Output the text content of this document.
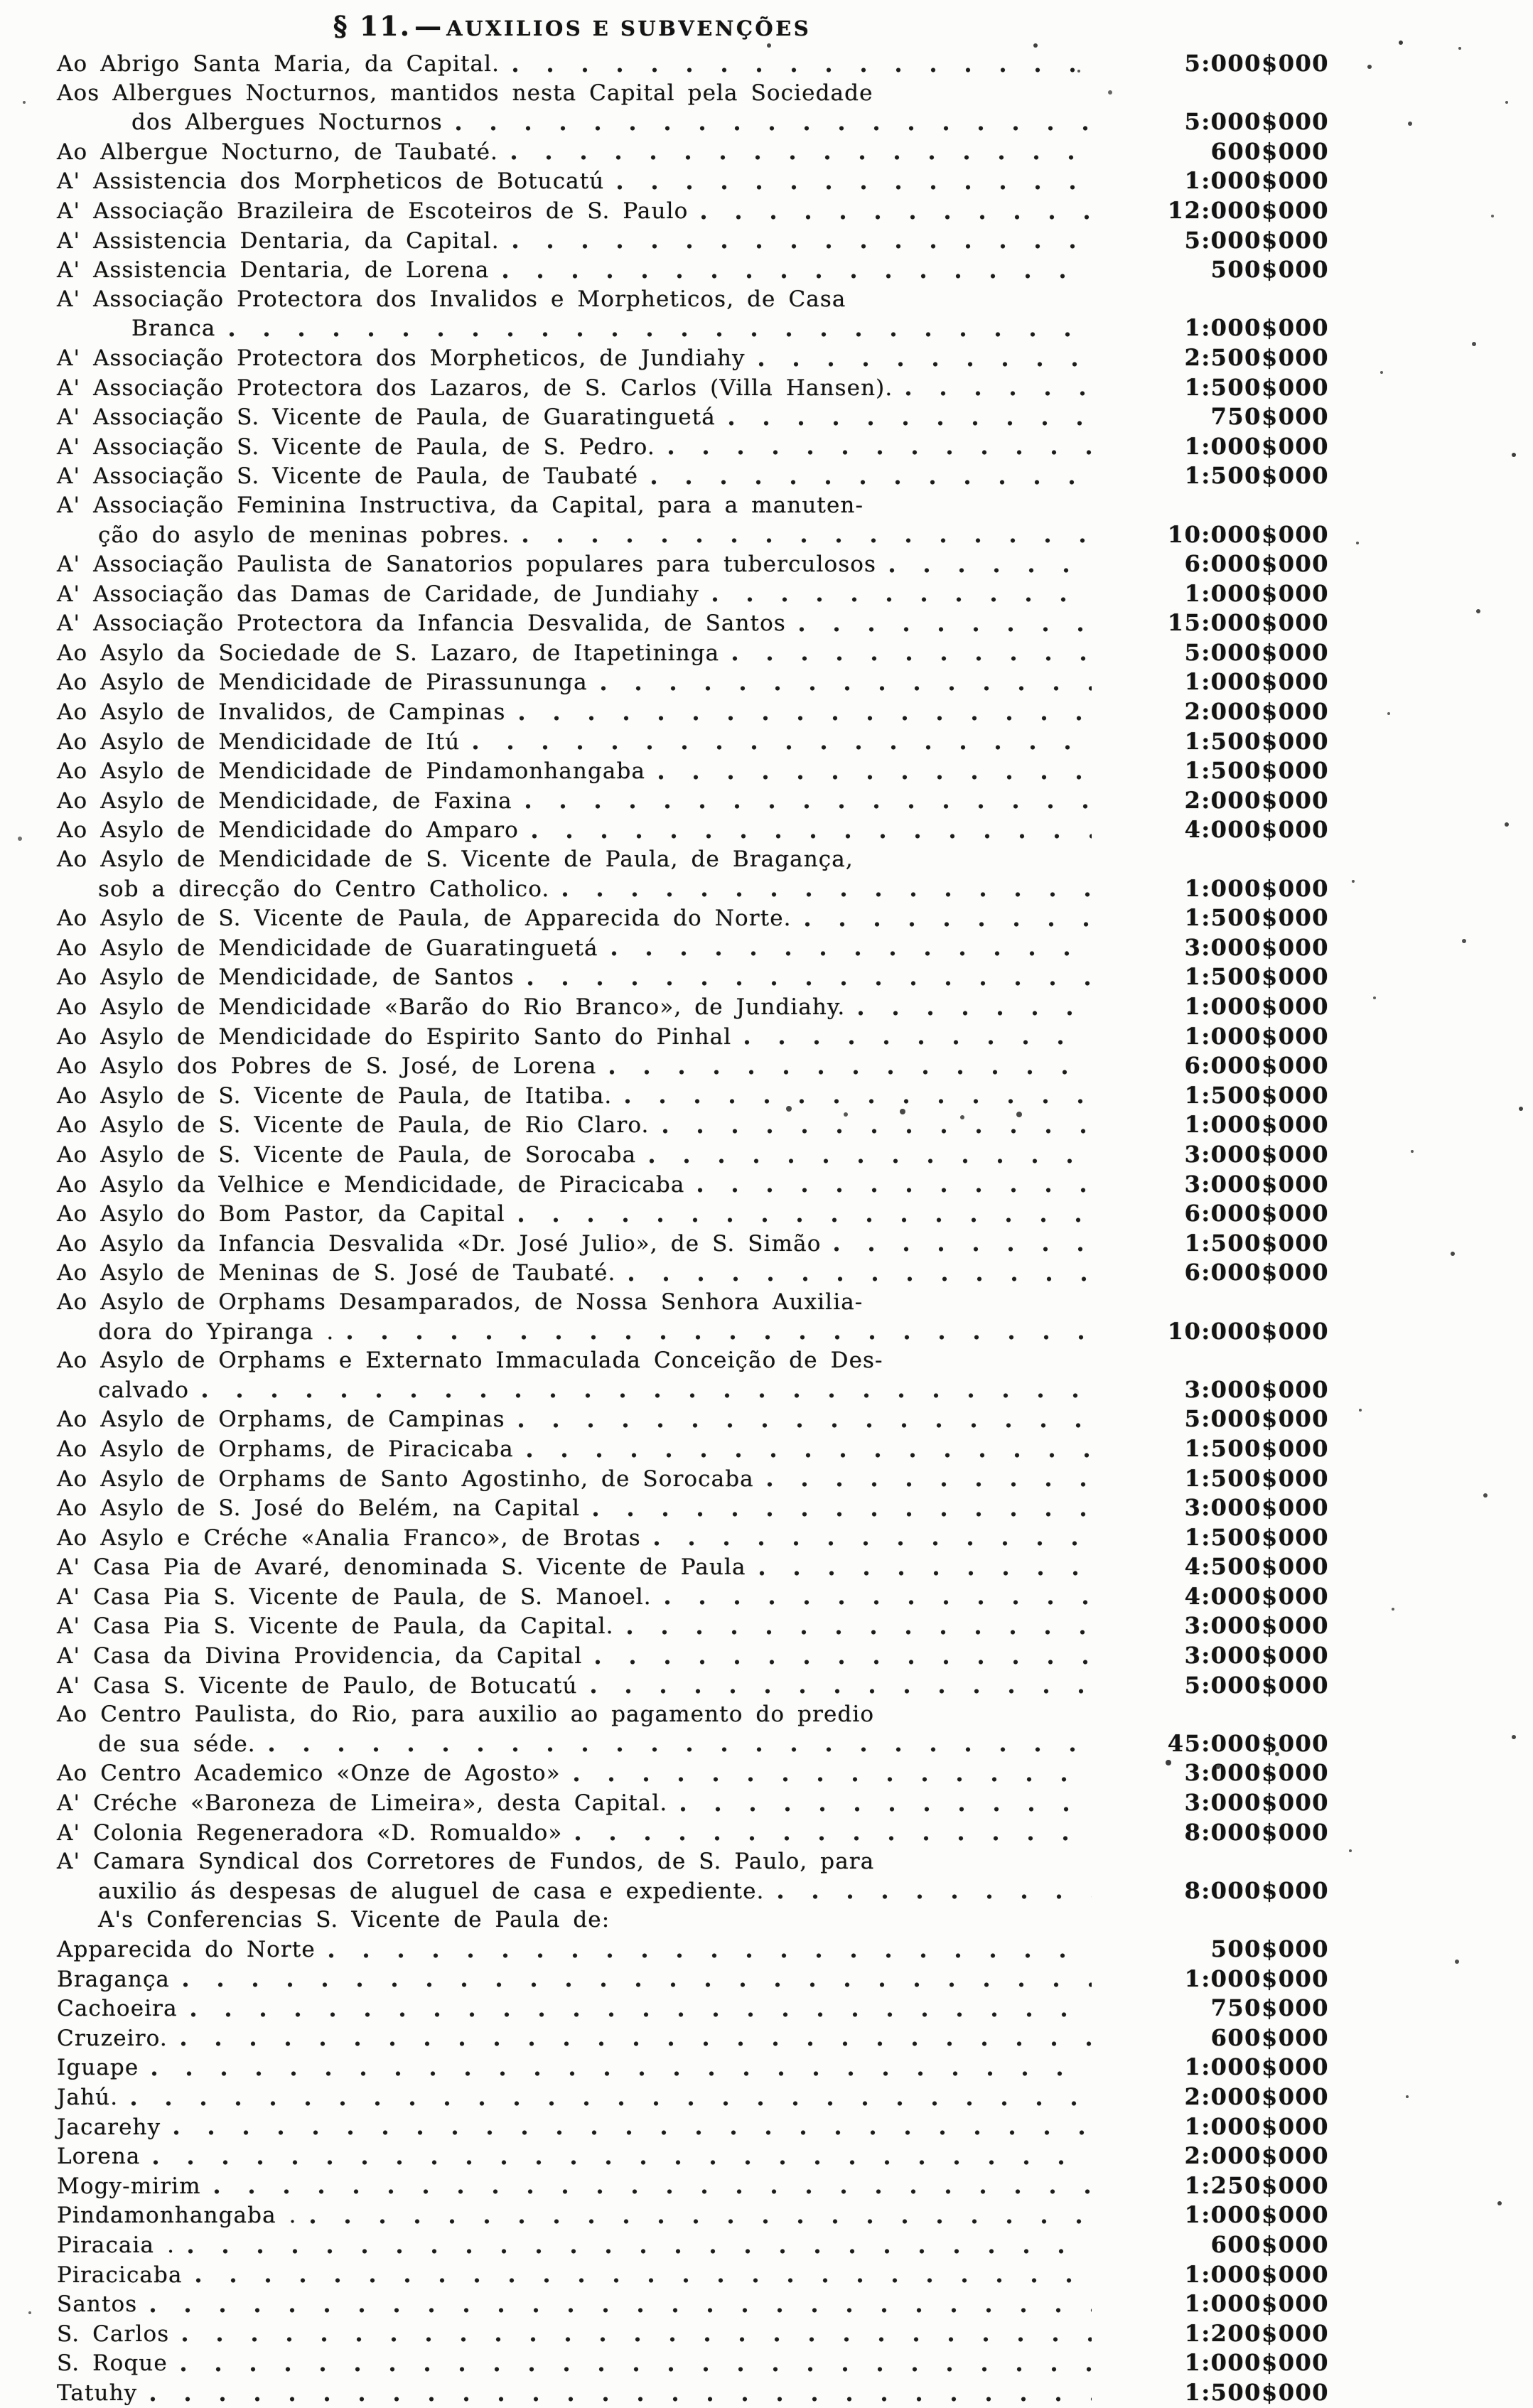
§ 11. — AUXILIOS E SUBVENÇÕES
Ao Abrigo Santa Maria, da Capital.	5:000$000
Aos Albergues Nocturnos, mantidos nesta Capital pela Sociedade
dos Albergues Nocturnos	5:000$000
Ao Albergue Nocturno, de Taubaté.	600$000
A' Assistencia dos Morpheticos de Botucatú	1:000$000
A' Associação Brazileira de Escoteiros de S. Paulo	12:000$000
A' Assistencia Dentaria, da Capital.	5:000$000
A' Assistencia Dentaria, de Lorena	500$000
A' Associação Protectora dos Invalidos e Morpheticos, de Casa
Branca	1:000$000
A' Associação Protectora dos Morpheticos, de Jundiahy	2:500$000
A' Associação Protectora dos Lazaros, de S. Carlos (Villa Hansen).	1:500$000
A' Associação S. Vicente de Paula, de Guaratinguetá	750$000
A' Associação S. Vicente de Paula, de S. Pedro.	1:000$000
A' Associação S. Vicente de Paula, de Taubaté	1:500$000
A' Associação Feminina Instructiva, da Capital, para a manuten-
ção do asylo de meninas pobres.	10:000$000
A' Associação Paulista de Sanatorios populares para tuberculosos	6:000$000
A' Associação das Damas de Caridade, de Jundiahy	1:000$000
A' Associação Protectora da Infancia Desvalida, de Santos	15:000$000
Ao Asylo da Sociedade de S. Lazaro, de Itapetininga	5:000$000
Ao Asylo de Mendicidade de Pirassununga	1:000$000
Ao Asylo de Invalidos, de Campinas	2:000$000
Ao Asylo de Mendicidade de Itú	1:500$000
Ao Asylo de Mendicidade de Pindamonhangaba	1:500$000
Ao Asylo de Mendicidade, de Faxina	2:000$000
Ao Asylo de Mendicidade do Amparo	4:000$000
Ao Asylo de Mendicidade de S. Vicente de Paula, de Bragança,
sob a direcção do Centro Catholico.	1:000$000
Ao Asylo de S. Vicente de Paula, de Apparecida do Norte.	1:500$000
Ao Asylo de Mendicidade de Guaratinguetá	3:000$000
Ao Asylo de Mendicidade, de Santos	1:500$000
Ao Asylo de Mendicidade «Barão do Rio Branco», de Jundiahy.	1:000$000
Ao Asylo de Mendicidade do Espirito Santo do Pinhal	1:000$000
Ao Asylo dos Pobres de S. José, de Lorena	6:000$000
Ao Asylo de S. Vicente de Paula, de Itatiba.	1:500$000
Ao Asylo de S. Vicente de Paula, de Rio Claro.	1:000$000
Ao Asylo de S. Vicente de Paula, de Sorocaba	3:000$000
Ao Asylo da Velhice e Mendicidade, de Piracicaba	3:000$000
Ao Asylo do Bom Pastor, da Capital	6:000$000
Ao Asylo da Infancia Desvalida «Dr. José Julio», de S. Simão	1:500$000
Ao Asylo de Meninas de S. José de Taubaté.	6:000$000
Ao Asylo de Orphams Desamparados, de Nossa Senhora Auxilia-
dora do Ypiranga .	10:000$000
Ao Asylo de Orphams e Externato Immaculada Conceição de Des-
calvado	3:000$000
Ao Asylo de Orphams, de Campinas	5:000$000
Ao Asylo de Orphams, de Piracicaba	1:500$000
Ao Asylo de Orphams de Santo Agostinho, de Sorocaba	1:500$000
Ao Asylo de S. José do Belém, na Capital	3:000$000
Ao Asylo e Créche «Analia Franco», de Brotas	1:500$000
A' Casa Pia de Avaré, denominada S. Vicente de Paula	4:500$000
A' Casa Pia S. Vicente de Paula, de S. Manoel.	4:000$000
A' Casa Pia S. Vicente de Paula, da Capital.	3:000$000
A' Casa da Divina Providencia, da Capital	3:000$000
A' Casa S. Vicente de Paulo, de Botucatú	5:000$000
Ao Centro Paulista, do Rio, para auxilio ao pagamento do predio
de sua séde.	45:000$000
Ao Centro Academico «Onze de Agosto»	3:000$000
A' Créche «Baroneza de Limeira», desta Capital.	3:000$000
A' Colonia Regeneradora «D. Romualdo»	8:000$000
A' Camara Syndical dos Corretores de Fundos, de S. Paulo, para
auxilio ás despesas de aluguel de casa e expediente.	8:000$000
A's Conferencias S. Vicente de Paula de:
Apparecida do Norte	500$000
Bragança	1:000$000
Cachoeira	750$000
Cruzeiro.	600$000
Iguape	1:000$000
Jahú.	2:000$000
Jacarehy	1:000$000
Lorena	2:000$000
Mogy-mirim	1:250$000
Pindamonhangaba .	1:000$000
Piracaia .	600$000
Piracicaba	1:000$000
Santos	1:000$000
S. Carlos	1:200$000
S. Roque	1:000$000
Tatuhy	1:500$000
